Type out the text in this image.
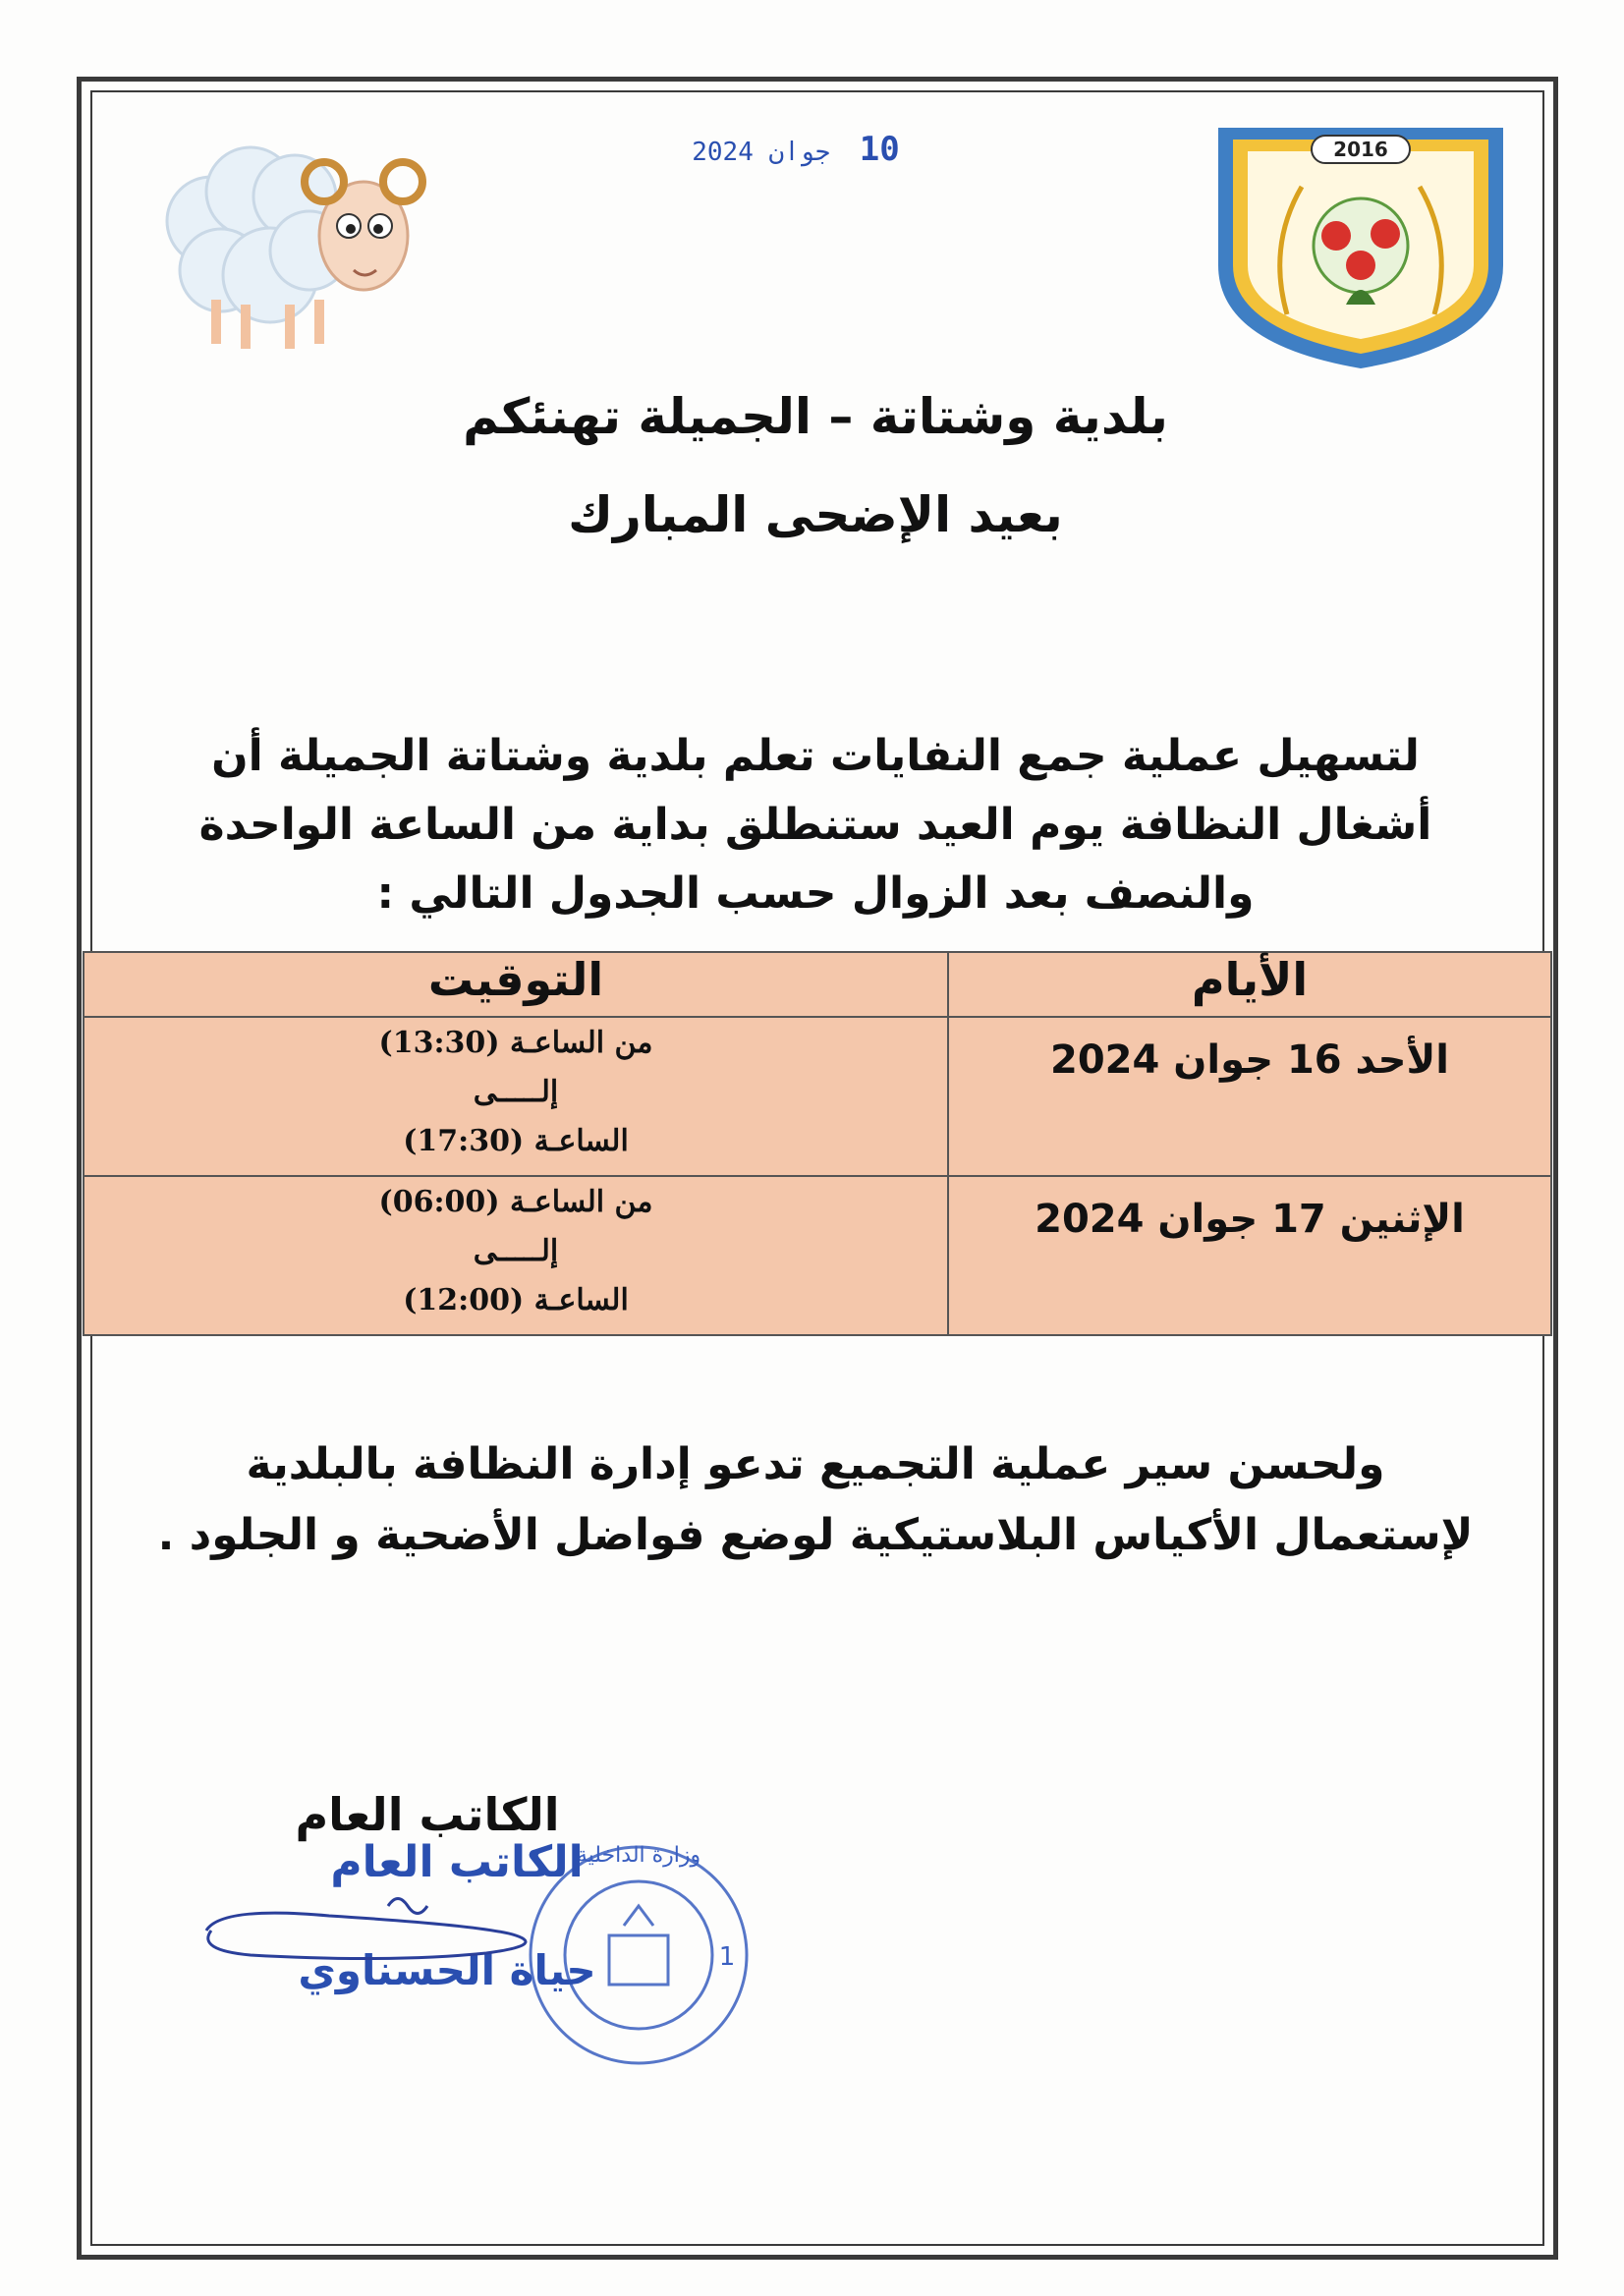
10 جوان 2024	2016
بلدية وشتاتة – الجميلة تهنئكم
بعيد الإضحى المبارك
لتسهيل عملية جمع النفايات تعلم بلدية وشتاتة الجميلة أن
أشغال النظافة يوم العيد ستنطلق بداية من الساعة الواحدة
والنصف بعد الزوال حسب الجدول التالي :
الأيام	التوقيت
الأحد 16 جوان 2024	من الساعـة (13:30)
إلـــــى
الساعـة (17:30)

الإثنين 17 جوان 2024	من الساعـة (06:00)
إلـــــى
الساعـة (12:00)
ولحسن سير عملية التجميع تدعو إدارة النظافة بالبلدية
لإستعمال الأكياس البلاستيكية لوضع فواضل الأضحية و الجلود .
الكاتب العام
وزارة الداخلية
1
الكاتب العام
حياة الحسناوي
